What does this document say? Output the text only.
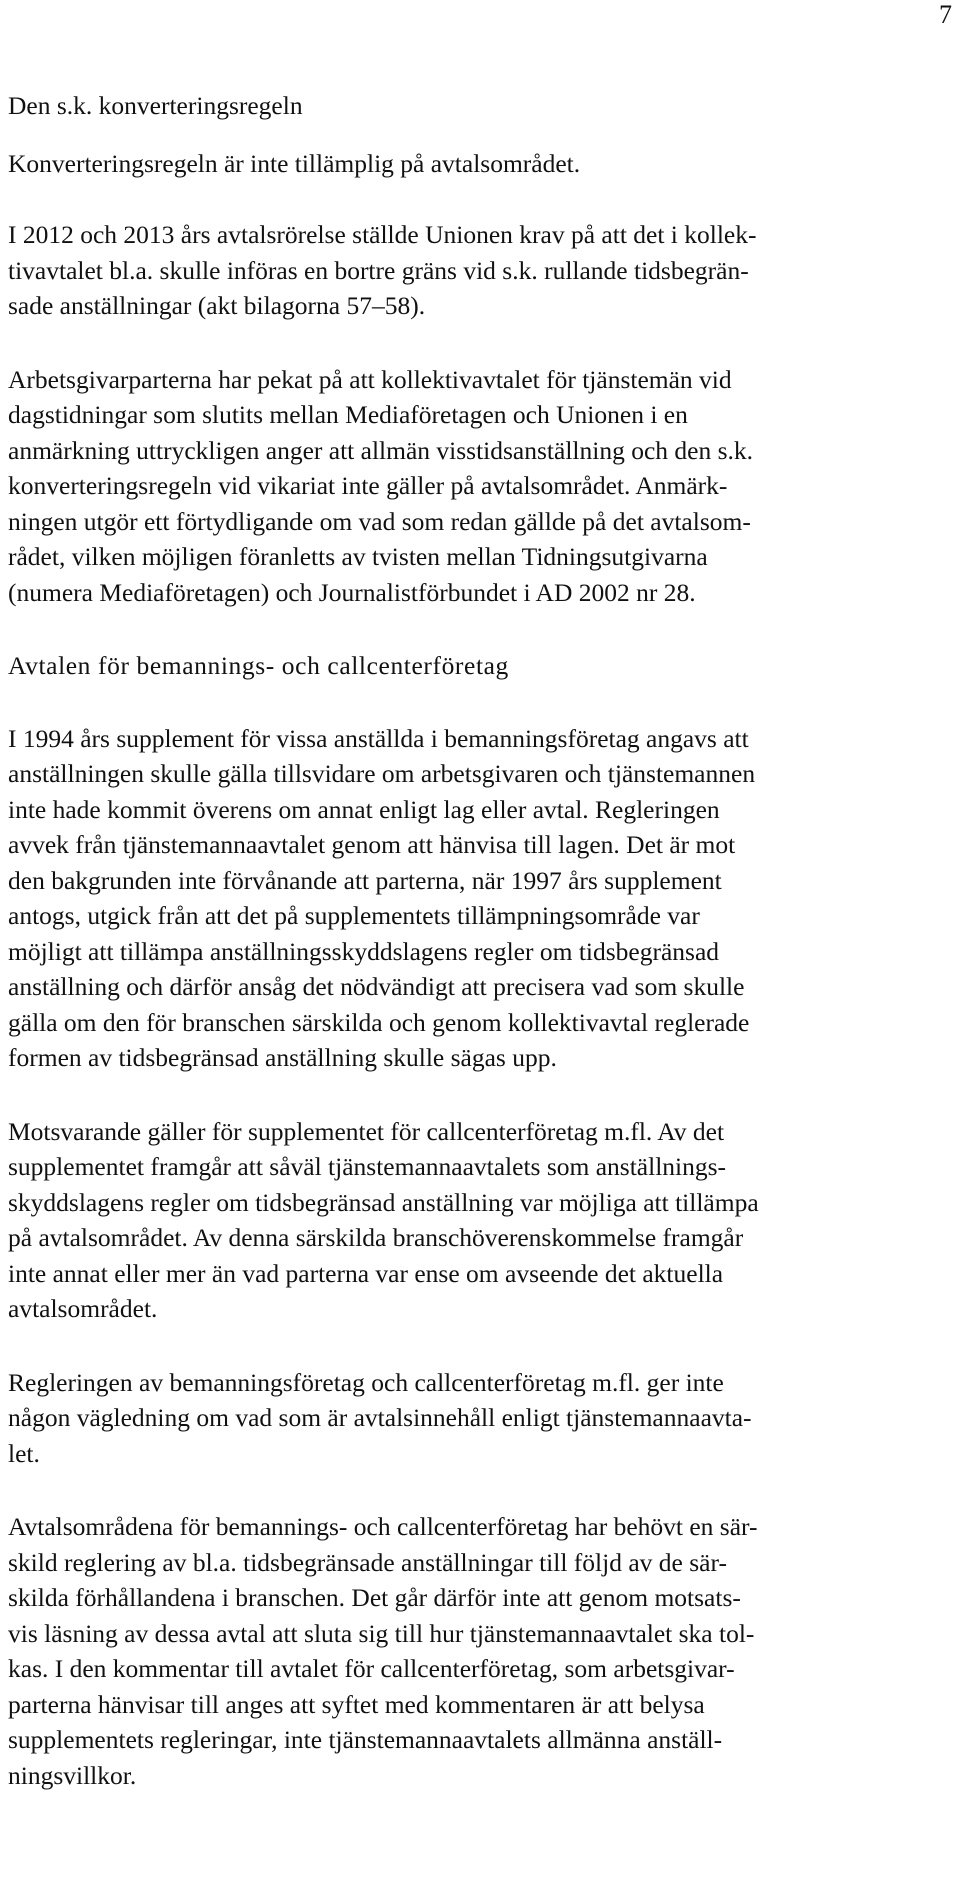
7
Den s.k. konverteringsregeln
Konverteringsregeln är inte tillämplig på avtalsområdet.
I 2012 och 2013 års avtalsrörelse ställde Unionen krav på att det i kollek-
tivavtalet bl.a. skulle införas en bortre gräns vid s.k. rullande tidsbegrän-
sade anställningar (akt bilagorna 57–58).
Arbetsgivarparterna har pekat på att kollektivavtalet för tjänstemän vid
dagstidningar som slutits mellan Mediaföretagen och Unionen i en
anmärkning uttryckligen anger att allmän visstidsanställning och den s.k.
konverteringsregeln vid vikariat inte gäller på avtalsområdet. Anmärk-
ningen utgör ett förtydligande om vad som redan gällde på det avtalsom-
rådet, vilken möjligen föranletts av tvisten mellan Tidningsutgivarna
(numera Mediaföretagen) och Journalistförbundet i AD 2002 nr 28.
Avtalen för bemannings- och callcenterföretag
I 1994 års supplement för vissa anställda i bemanningsföretag angavs att
anställningen skulle gälla tillsvidare om arbetsgivaren och tjänstemannen
inte hade kommit överens om annat enligt lag eller avtal. Regleringen
avvek från tjänstemannaavtalet genom att hänvisa till lagen. Det är mot
den bakgrunden inte förvånande att parterna, när 1997 års supplement
antogs, utgick från att det på supplementets tillämpningsområde var
möjligt att tillämpa anställningsskyddslagens regler om tidsbegränsad
anställning och därför ansåg det nödvändigt att precisera vad som skulle
gälla om den för branschen särskilda och genom kollektivavtal reglerade
formen av tidsbegränsad anställning skulle sägas upp.
Motsvarande gäller för supplementet för callcenterföretag m.fl. Av det
supplementet framgår att såväl tjänstemannaavtalets som anställnings-
skyddslagens regler om tidsbegränsad anställning var möjliga att tillämpa
på avtalsområdet. Av denna särskilda branschöverenskommelse framgår
inte annat eller mer än vad parterna var ense om avseende det aktuella
avtalsområdet.
Regleringen av bemanningsföretag och callcenterföretag m.fl. ger inte
någon vägledning om vad som är avtalsinnehåll enligt tjänstemannaavta-
let.
Avtalsområdena för bemannings- och callcenterföretag har behövt en sär-
skild reglering av bl.a. tidsbegränsade anställningar till följd av de sär-
skilda förhållandena i branschen. Det går därför inte att genom motsats-
vis läsning av dessa avtal att sluta sig till hur tjänstemannaavtalet ska tol-
kas. I den kommentar till avtalet för callcenterföretag, som arbetsgivar-
parterna hänvisar till anges att syftet med kommentaren är att belysa
supplementets regleringar, inte tjänstemannaavtalets allmänna anställ-
ningsvillkor.
